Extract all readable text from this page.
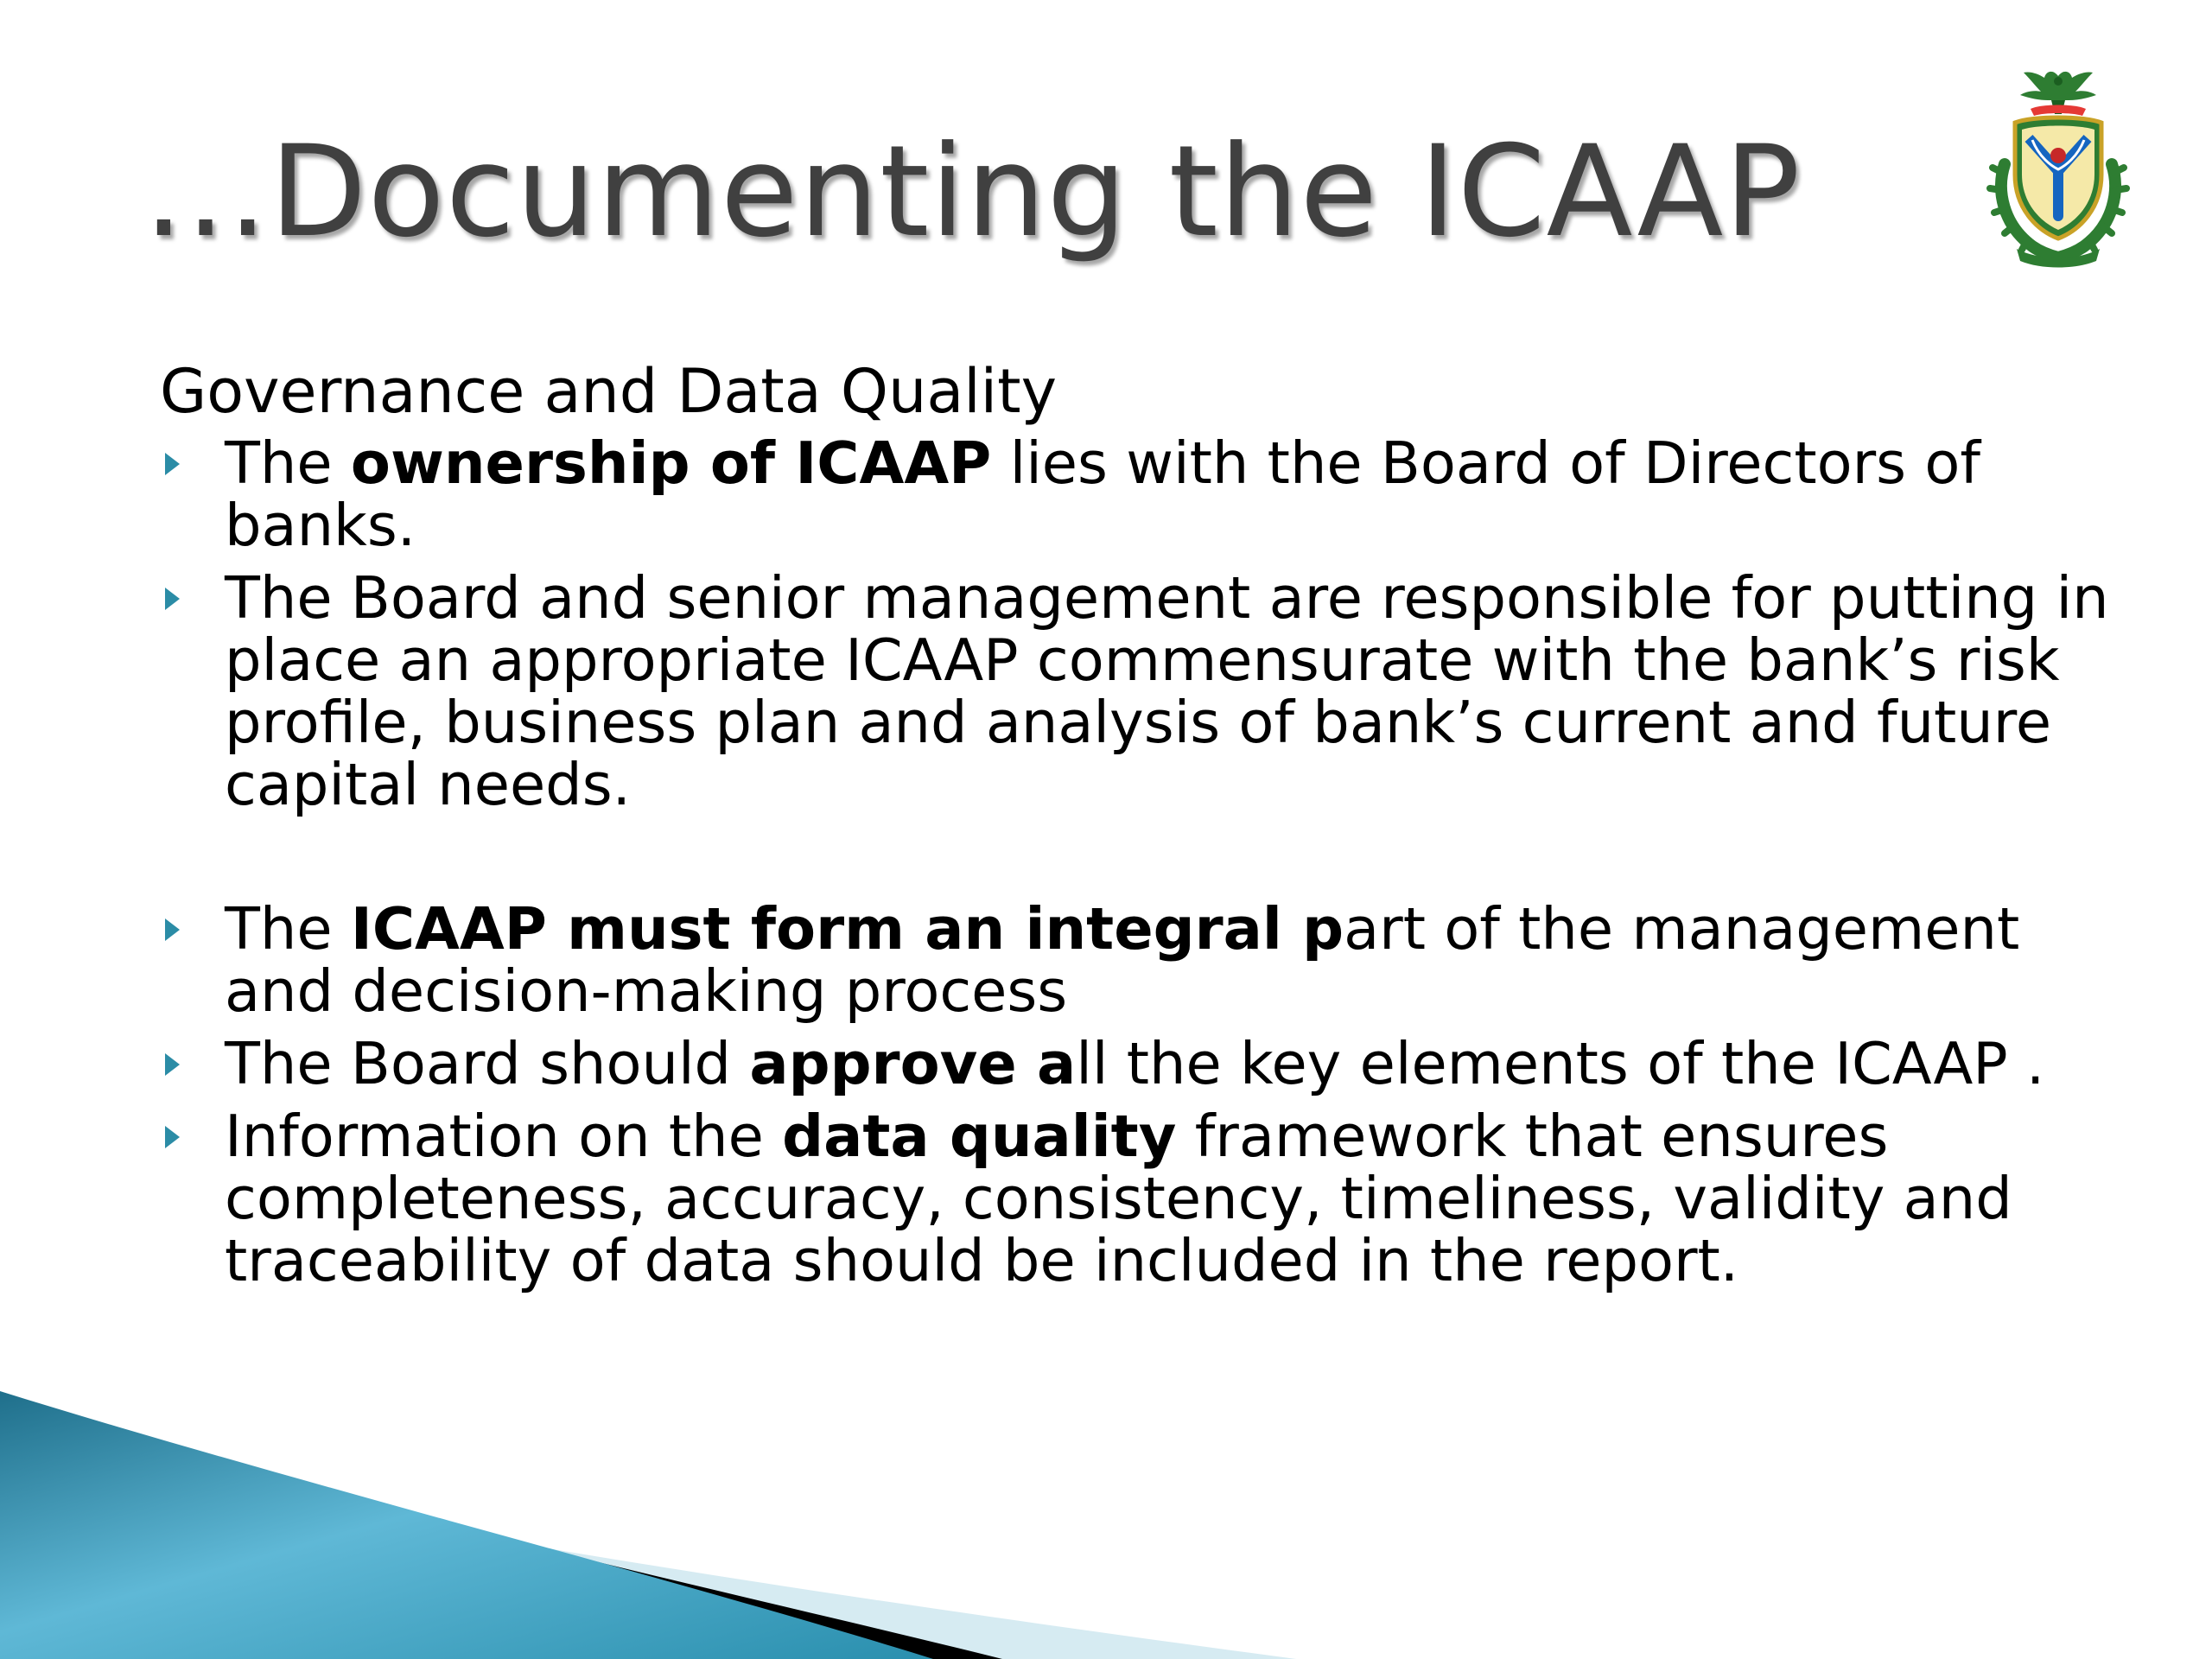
…Documenting the ICAAP
Governance and Data Quality
The ownership of ICAAP lies with the Board of Directors of banks.
The Board and senior management are responsible for putting in place an appropriate ICAAP commensurate with the bank’s risk profile, business plan and analysis of bank’s current and future capital needs.
The ICAAP must form an integral part of the management and decision-making process
The Board should approve all the key elements of the ICAAP .
Information on the data quality framework that ensures completeness, accuracy, consistency, timeliness, validity and traceability of data should be included in the report.
